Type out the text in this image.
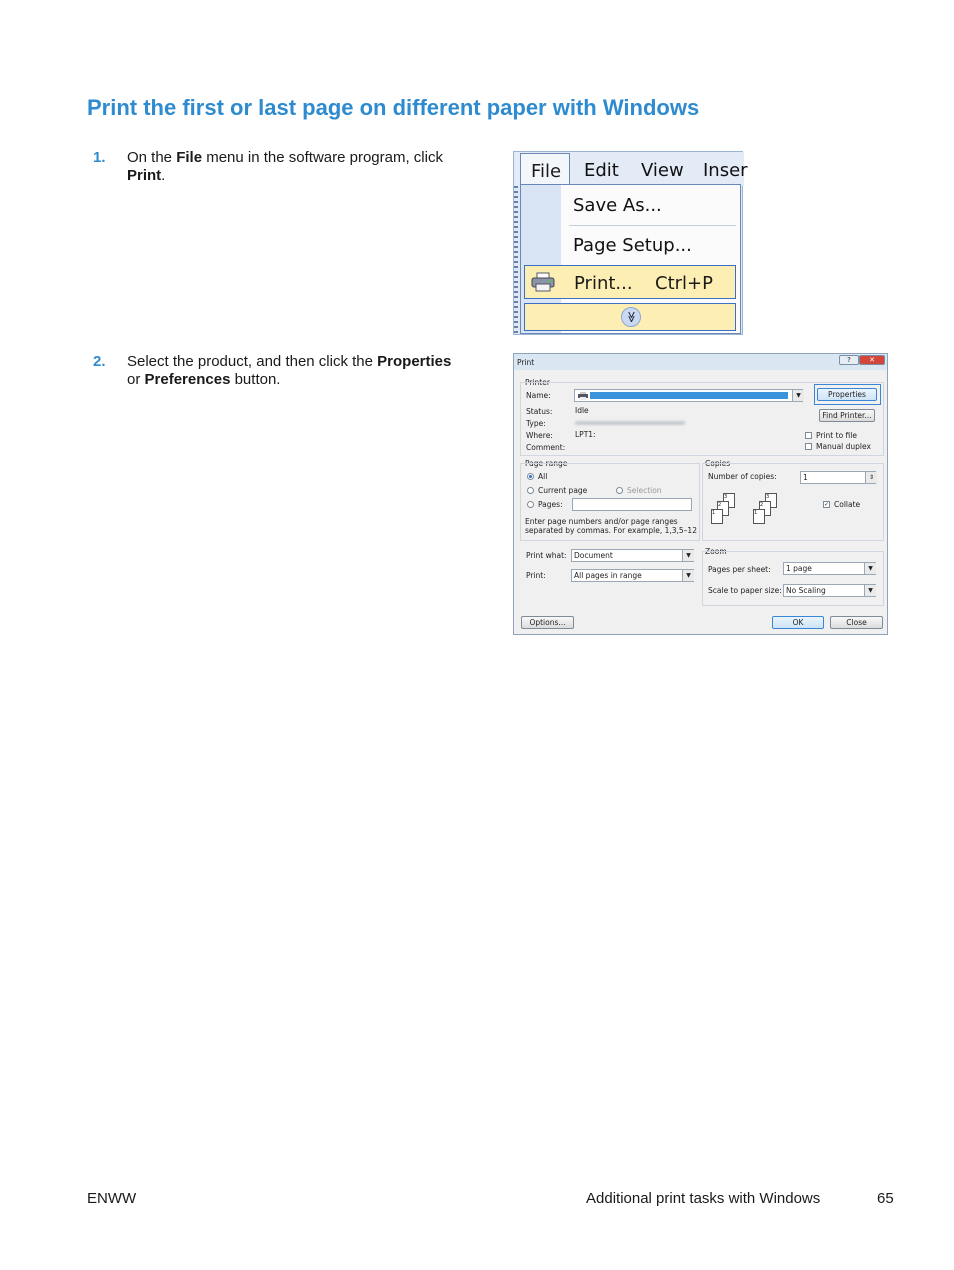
Print the first or last page on different paper with Windows
1. On the File menu in the software program, click Print.	File Edit View Inser
Save As...
Page Setup...
Print... Ctrl+P
≫
2. Select the product, and then click the Properties or Preferences button.
Print	?	✕
Printer
Name:	▼	Properties
Status:	Idle
Type:
Where:	LPT1:
Comment:
Find Printer...
Print to file
Manual duplex
Page range
All
Current page	Selection
Pages:
Enter page numbers and/or page ranges
separated by commas. For example, 1,3,5–12
Copies
Number of copies:	1	⇕
3
2
1
3
2
1
✓ Collate
Print what: Document	▼
Print:	All pages in range	▼
Zoom
Pages per sheet:	1 page	▼
Scale to paper size: No Scaling	▼
Options...	OK	Close
ENWW	Additional print tasks with Windows	65
